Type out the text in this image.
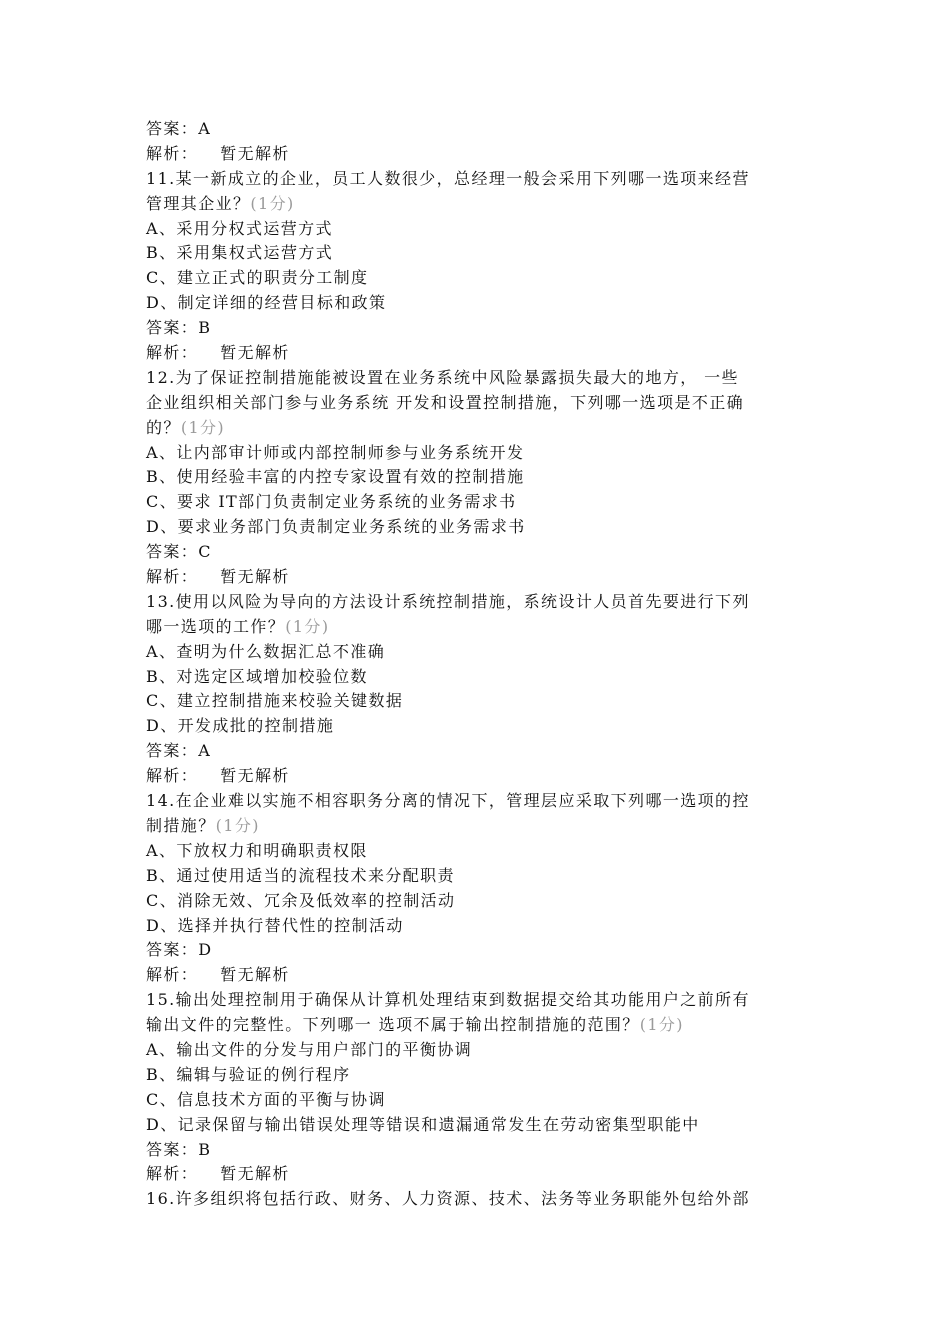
答案：A
解析： 暂无解析
11.某一新成立的企业，员工人数很少，总经理一般会采用下列哪一选项来经营
管理其企业？(1分)
A、采用分权式运营方式
B、采用集权式运营方式
C、建立正式的职责分工制度
D、制定详细的经营目标和政策
答案：B
解析： 暂无解析
12.为了保证控制措施能被设置在业务系统中风险暴露损失最大的地方， 一些
企业组织相关部门参与业务系统 开发和设置控制措施，下列哪一选项是不正确
的？(1分)
A、让内部审计师或内部控制师参与业务系统开发
B、使用经验丰富的内控专家设置有效的控制措施
C、要求 IT部门负责制定业务系统的业务需求书
D、要求业务部门负责制定业务系统的业务需求书
答案：C
解析： 暂无解析
13.使用以风险为导向的方法设计系统控制措施，系统设计人员首先要进行下列
哪一选项的工作？(1分)
A、查明为什么数据汇总不准确
B、对选定区域增加校验位数
C、建立控制措施来校验关键数据
D、开发成批的控制措施
答案：A
解析： 暂无解析
14.在企业难以实施不相容职务分离的情况下，管理层应采取下列哪一选项的控
制措施？(1分)
A、下放权力和明确职责权限
B、通过使用适当的流程技术来分配职责
C、消除无效、冗余及低效率的控制活动
D、选择并执行替代性的控制活动
答案：D
解析： 暂无解析
15.输出处理控制用于确保从计算机处理结束到数据提交给其功能用户之前所有
输出文件的完整性。下列哪一 选项不属于输出控制措施的范围？(1分)
A、输出文件的分发与用户部门的平衡协调
B、编辑与验证的例行程序
C、信息技术方面的平衡与协调
D、记录保留与输出错误处理等错误和遗漏通常发生在劳动密集型职能中
答案：B
解析： 暂无解析
16.许多组织将包括行政、财务、人力资源、技术、法务等业务职能外包给外部
